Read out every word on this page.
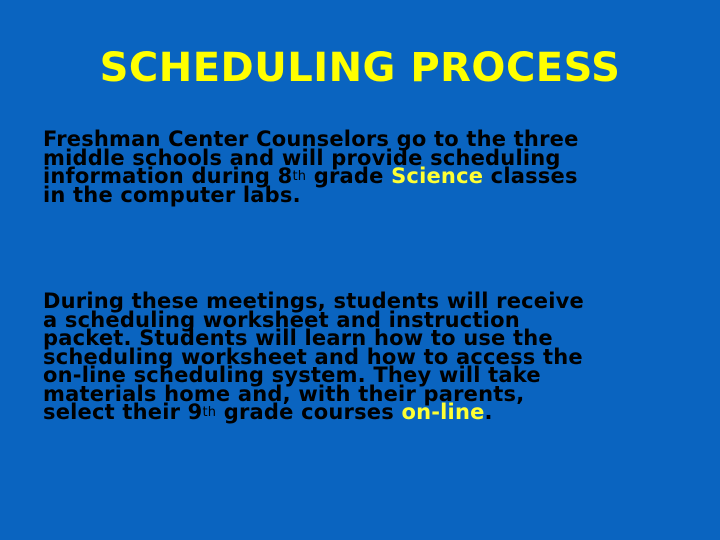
SCHEDULING PROCESS
Freshman Center Counselors go to the three
middle schools and will provide scheduling
information during 8th grade Science classes
in the computer labs.
During these meetings, students will receive
a scheduling worksheet and instruction
packet. Students will learn how to use the
scheduling worksheet and how to access the
on-line scheduling system. They will take
materials home and, with their parents,
select their 9th grade courses on-line.
